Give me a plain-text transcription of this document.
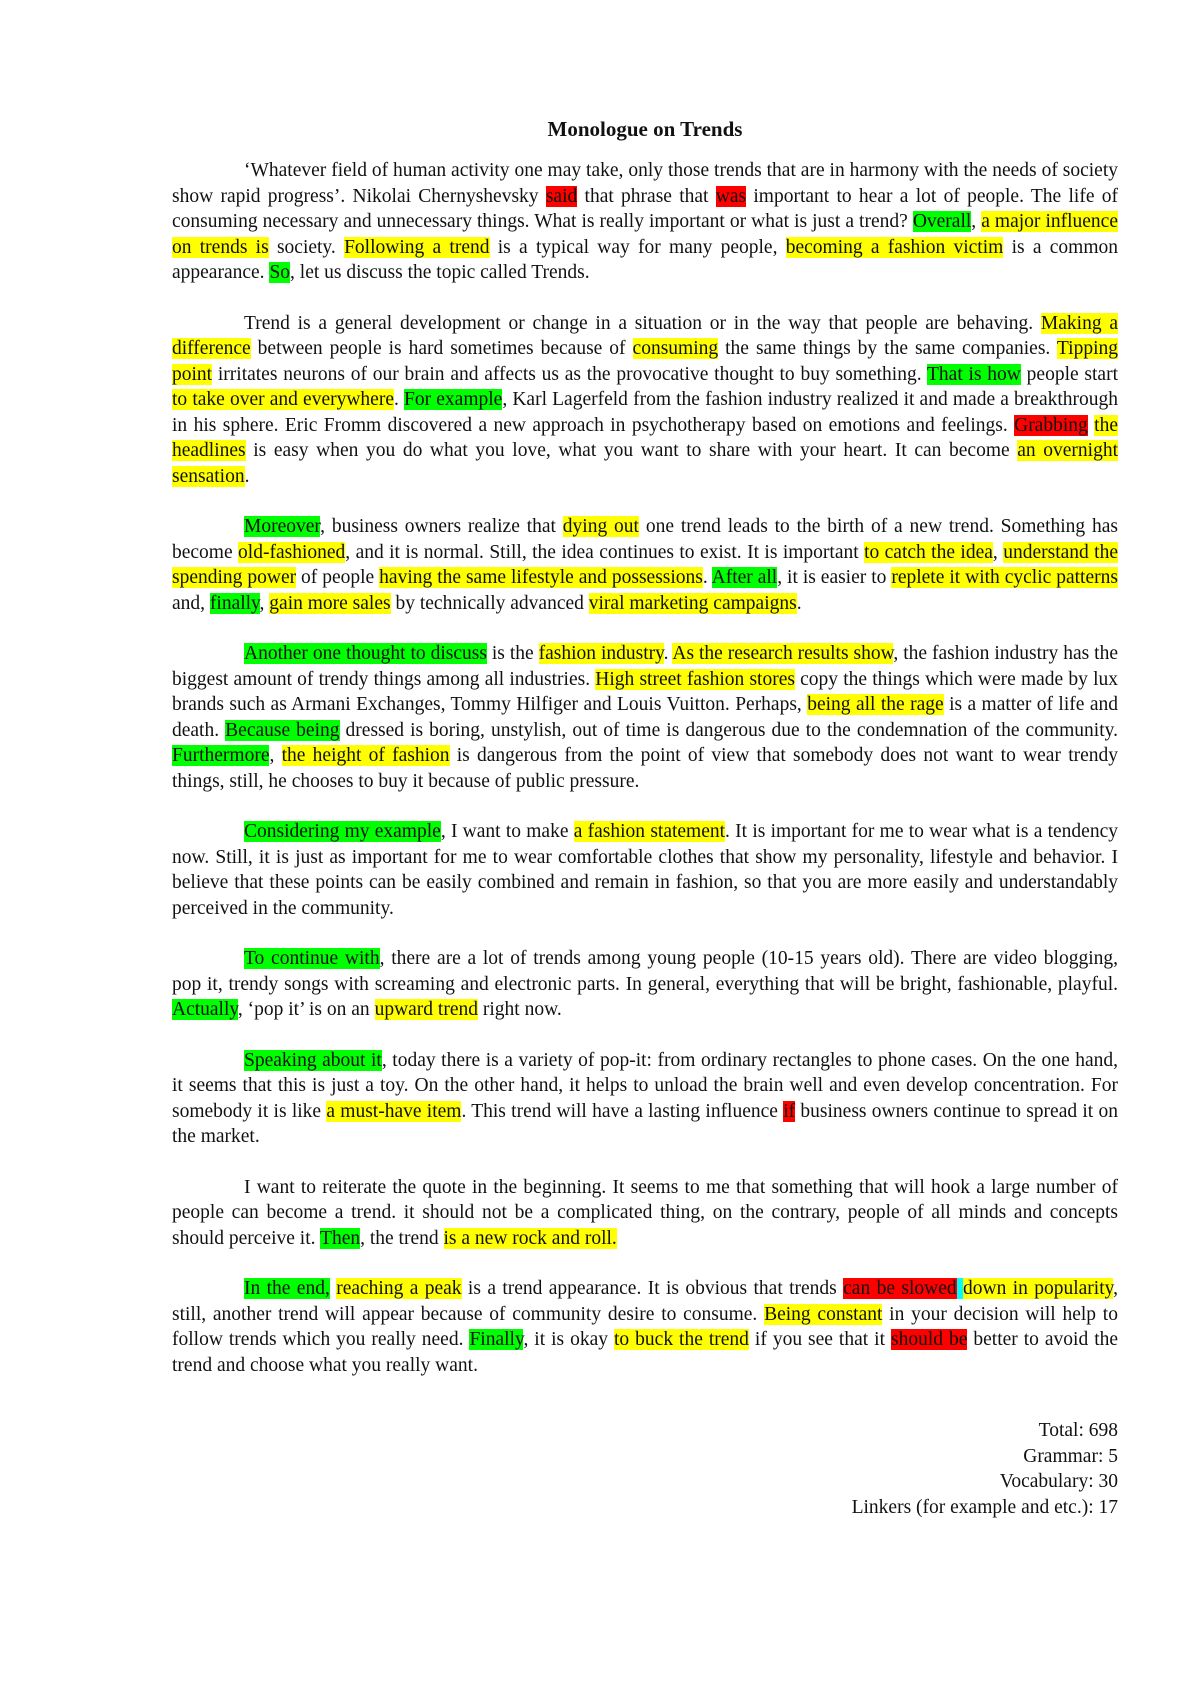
Monologue on Trends

‘Whatever field of human activity one may take, only those trends that are in harmony with the needs of society show rapid progress’. Nikolai Chernyshevsky said that phrase that was important to hear a lot of people. The life of consuming necessary and unnecessary things. What is really important or what is just a trend? Overall, a major influence on trends is society. Following a trend is a typical way for many people, becoming a fashion victim is a common appearance. So, let us discuss the topic called Trends.

Trend is a general development or change in a situation or in the way that people are behaving. Making a difference between people is hard sometimes because of consuming the same things by the same companies. Tipping point irritates neurons of our brain and affects us as the provocative thought to buy something. That is how people start to take over and everywhere. For example, Karl Lagerfeld from the fashion industry realized it and made a breakthrough in his sphere. Eric Fromm discovered a new approach in psychotherapy based on emotions and feelings. Grabbing the headlines is easy when you do what you love, what you want to share with your heart. It can become an overnight sensation.

Moreover, business owners realize that dying out one trend leads to the birth of a new trend. Something has become old-fashioned, and it is normal. Still, the idea continues to exist. It is important to catch the idea, understand the spending power of people having the same lifestyle and possessions. After all, it is easier to replete it with cyclic patterns and, finally, gain more sales by technically advanced viral marketing campaigns.

Another one thought to discuss is the fashion industry. As the research results show, the fashion industry has the biggest amount of trendy things among all industries. High street fashion stores copy the things which were made by lux brands such as Armani Exchanges, Tommy Hilfiger and Louis Vuitton. Perhaps, being all the rage is a matter of life and death. Because being dressed is boring, unstylish, out of time is dangerous due to the condemnation of the community. Furthermore, the height of fashion is dangerous from the point of view that somebody does not want to wear trendy things, still, he chooses to buy it because of public pressure.

Considering my example, I want to make a fashion statement. It is important for me to wear what is a tendency now. Still, it is just as important for me to wear comfortable clothes that show my personality, lifestyle and behavior. I believe that these points can be easily combined and remain in fashion, so that you are more easily and understandably perceived in the community.

To continue with, there are a lot of trends among young people (10-15 years old). There are video blogging, pop it, trendy songs with screaming and electronic parts. In general, everything that will be bright, fashionable, playful. Actually, ‘pop it’ is on an upward trend right now.

Speaking about it, today there is a variety of pop-it: from ordinary rectangles to phone cases. On the one hand, it seems that this is just a toy. On the other hand, it helps to unload the brain well and even develop concentration. For somebody it is like a must-have item. This trend will have a lasting influence if business owners continue to spread it on the market.

I want to reiterate the quote in the beginning. It seems to me that something that will hook a large number of people can become a trend. it should not be a complicated thing, on the contrary, people of all minds and concepts should perceive it. Then, the trend is a new rock and roll.

In the end, reaching a peak is a trend appearance. It is obvious that trends can be slowed down in popularity, still, another trend will appear because of community desire to consume. Being constant in your decision will help to follow trends which you really need. Finally, it is okay to buck the trend if you see that it should be better to avoid the trend and choose what you really want.

Total: 698
Grammar: 5
Vocabulary: 30
Linkers (for example and etc.): 17
